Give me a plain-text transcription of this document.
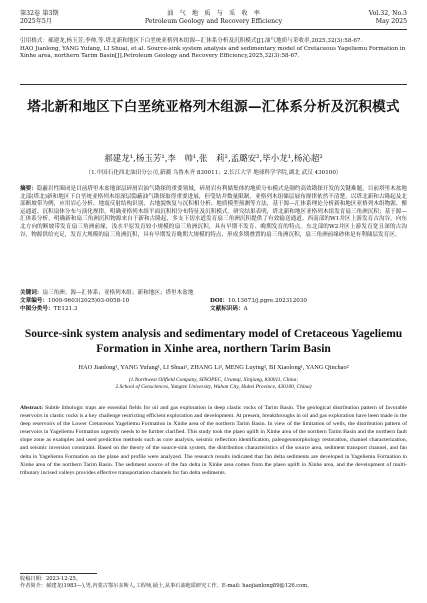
第32卷 第3期
2025年5月
油　气　地　质　与　采　收　率
Petroleum Geology and Recovery Efficiency
Vol.32, No.3
May 2025
引用格式：郝建龙,杨玉芳,李帅,等.塔北新和地区下白垩统亚格列木组源—汇体系分析及沉积模式[J].油气地质与采收率,2025,32(3):58-67.
HAO Jianlong, YANG Yufang, LI Shuai, et al. Source-sink system analysis and sedimentary model of Cretaceous Yageliemu Formation in Xinhe area, northern Tarim Basin[J].Petroleum Geology and Recovery Efficiency,2025,32(3):58-67.
塔北新和地区下白垩统亚格列木组源—汇体系分析及沉积模式
郝建龙¹,杨玉芳¹,李　帅¹,张　莉²,孟璐安²,毕小龙¹,杨沁超²
（1.中国石化西北油田分公司,新疆 乌鲁木齐 830011；2.长江大学 地球科学学院,湖北 武汉 430100）
摘要：隐蔽岩性圈闭是目前塔里木盆地深层碎屑岩油气勘探的重要领域，碎屑岩有利储集体的地质分布模式是制约高效勘探开发的关键难题。目前塔里木盆地北部(塔北)新和地区下白垩统亚格列木组深层隐蔽油气勘探取得重要进展，但受钻井数量限制，亚格列木组储层展布规律依然不清楚。以塔北新和古隆起及北部断坡带为例，应用岩心分析、地震反射结构识别、古地貌恢复与沉积相分析、地质模型预测等方法，基于源—汇体系理论分析新和地区亚格列木组物源、搬运通道、沉积扇体分布与演化规律，明确亚格列木组平面沉积相分布特征及沉积模式。研究结果表明，塔北新和地区亚格列木组发育扇三角洲沉积；基于源—汇体系分析，明确新和扇三角洲沉积物源来自于新和古隆起，多支下切水道发育扇三角洲沉积提供了有效输送通道。西南部的W1井区上游发育古沟谷，向东北方向的断坡带发育扇三角洲前缘，浅水平原发育较小规模的扇三角洲沉积，具有早期不发育、晚期发育的特点。东北部的W2井区上游发育宽且深的古沟谷，物源供给充足，发育大规模的扇三角洲沉积，具有早期发育晚期大规模的特点，形成多期叠置的扇三角洲沉积，扇三角洲前缘砂体是有利储层发育区。
关键词：扇三角洲；源—汇体系；亚格列木组；新和地区；塔里木盆地
文章编号：1009-9603(2025)03-0058-10	DOI：10.13673/j.pgre.202312030
中图分类号：TE121.3	文献标识码：A
Source-sink system analysis and sedimentary model of Cretaceous Yageliemu Formation in Xinhe area, northern Tarim Basin
HAO Jianlong¹, YANG Yufang¹, LI Shuai¹, ZHANG Li², MENG Luying², BI Xiaolong¹, YANG Qinchao²
(1.Northwest Oilfield Company, SINOPEC, Urumqi, Xinjiang, 830011, China;
2.School of Geosciences, Yangtze University, Wuhan City, Hubei Province, 430100, China)
Abstract: Subtle lithologic traps are essential fields for oil and gas exploration in deep clastic rocks of Tarim Basin. The geological distribution pattern of favorable reservoirs in clastic rocks is a key challenge restricting efficient exploration and development. At present, breakthroughs in oil and gas exploration have been made in the deep reservoirs of the Lower Cretaceous Yageliemu Formation in Xinhe area of the northern Tarim Basin. In view of the limitation of wells, the distribution pattern of reservoirs in Yageliemu Formation urgently needs to be further clarified. This study took the plaeo uplift in Xinhe area of the northern Tarim Basin and the northern fault slope zone as examples and used prediction methods such as core analysis, seismic reflection identification, paleogeomorphology restoration, channel characterization, and seismic inversion constraint. Based on the theory of the source-sink system, the distribution characteristics of the source area, sediment transport channel, and fan delta in Yageliemu Formation on the plane and profile were analyzed. The research results indicated that fan delta sediments are developed in Yageliemu Formation in Xinhe area of the northern Tarim Basin. The sediment source of the fan delta in Xinhe area comes from the plaeo uplift in Xinhe area, and the development of multi-tributary incised valleys provides effective transportation channels for fan delta sediments.
收稿日期：2023-12-25。
作者简介：郝建龙(1983—),男,内蒙古鄂尔多斯人,工程师,硕士,从事石油地质研究工作。E-mail: haojianlong89@126.com。
